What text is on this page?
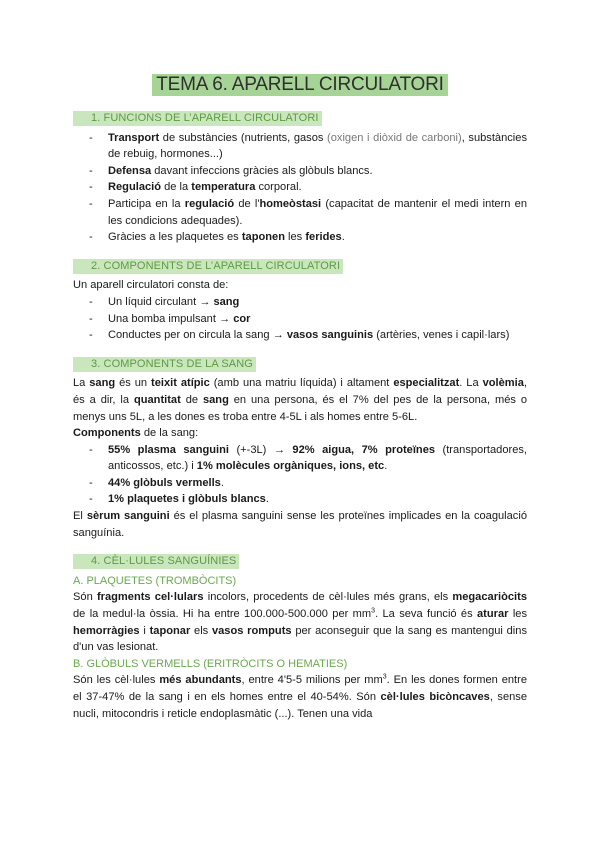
TEMA 6. APARELL CIRCULATORI
1. FUNCIONS DE L’APARELL CIRCULATORI
- Transport de substàncies (nutrients, gasos (oxigen i diòxid de carboni), substàncies de rebuig, hormones...)
- Defensa davant infeccions gràcies als glòbuls blancs.
- Regulació de la temperatura corporal.
- Participa en la regulació de l'homeòstasi (capacitat de mantenir el medi intern en les condicions adequades).
- Gràcies a les plaquetes es taponen les ferides.
2. COMPONENTS DE L’APARELL CIRCULATORI
Un aparell circulatori consta de:
- Un líquid circulant → sang
- Una bomba impulsant → cor
- Conductes per on circula la sang → vasos sanguinis (artèries, venes i capil·lars)
3. COMPONENTS DE LA SANG
La sang és un teixit atípic (amb una matriu líquida) i altament especialitzat. La volèmia, és a dir, la quantitat de sang en una persona, és el 7% del pes de la persona, més o menys uns 5L, a les dones es troba entre 4-5L i als homes entre 5-6L.
Components de la sang:
- 55% plasma sanguini (+-3L) → 92% aigua, 7% proteïnes (transportadores, anticossos, etc.) i 1% molècules orgàniques, ions, etc.
- 44% glòbuls vermells.
- 1% plaquetes i glòbuls blancs.
El sèrum sanguini és el plasma sanguini sense les proteïnes implicades en la coagulació sanguínia.
4. CÈL·LULES SANGUÍNIES
A. PLAQUETES (TROMBÒCITS)
Són fragments cel·lulars incolors, procedents de cèl·lules més grans, els megacariòcits de la medul·la òssia. Hi ha entre 100.000-500.000 per $mm^3$. La seva funció és aturar les hemorràgies i taponar els vasos romputs per aconseguir que la sang es mantengui dins d'un vas lesionat.
B. GLÒBULS VERMELLS (ERITRÒCITS O HEMATIES)
Són les cèl·lules més abundants, entre 4'5-5 milions per $mm^3$. En les dones formen entre el 37-47% de la sang i en els homes entre el 40-54%. Són cèl·lules bicòncaves, sense nucli, mitocondris i reticle endoplasmàtic (...). Tenen una vida
